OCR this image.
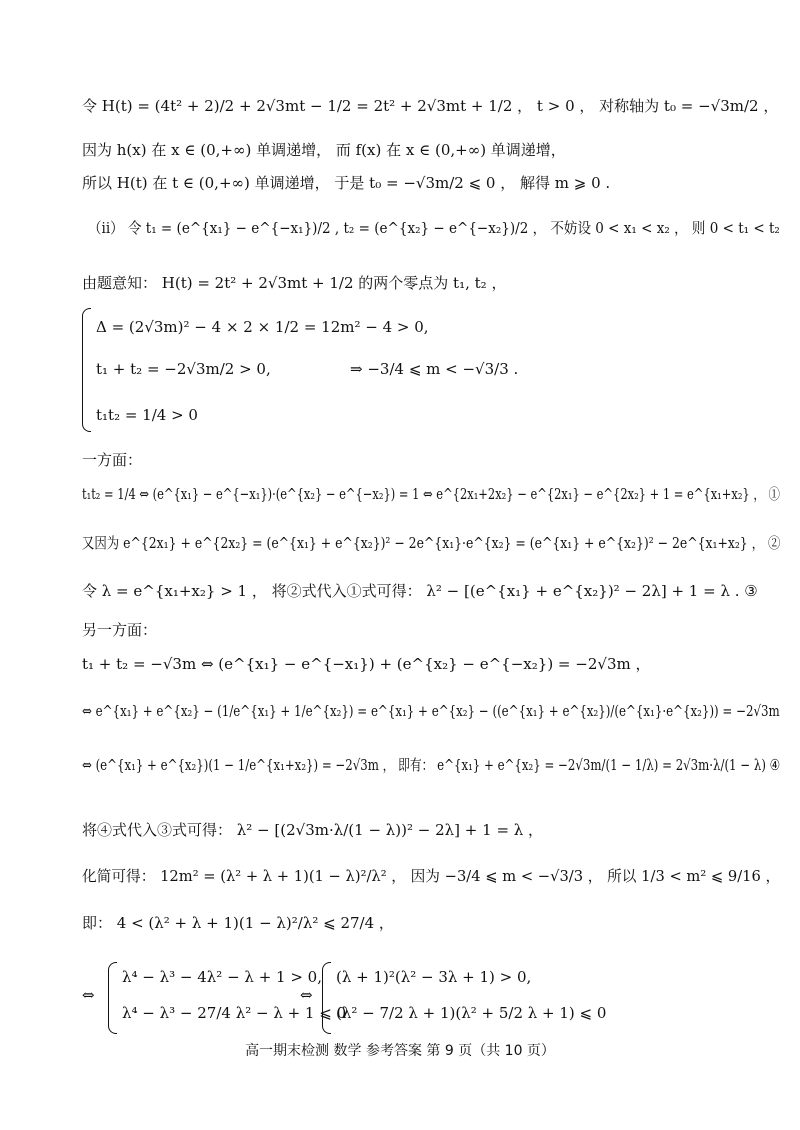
令 H(t) = (4t² + 2)/2 + 2√3mt − 1/2 = 2t² + 2√3mt + 1/2 ， t > 0 ， 对称轴为 t₀ = −√3m/2 ，
因为 h(x) 在 x ∈ (0,+∞) 单调递增， 而 f(x) 在 x ∈ (0,+∞) 单调递增，
所以 H(t) 在 t ∈ (0,+∞) 单调递增， 于是 t₀ = −√3m/2 ⩽ 0 ， 解得 m ⩾ 0 .
（ii） 令 t₁ = (e^{x₁} − e^{−x₁})/2 , t₂ = (e^{x₂} − e^{−x₂})/2 ， 不妨设 0 < x₁ < x₂ ， 则 0 < t₁ < t₂
由题意知： H(t) = 2t² + 2√3mt + 1/2 的两个零点为 t₁, t₂ ，
Δ = (2√3m)² − 4 × 2 × 1/2 = 12m² − 4 > 0,
t₁ + t₂ = −2√3m/2 > 0,
t₁t₂ = 1/4 > 0
⇒ −3/4 ⩽ m < −√3/3 .
一方面：
t₁t₂ = 1/4 ⇔ (e^{x₁} − e^{−x₁})·(e^{x₂} − e^{−x₂}) = 1 ⇔ e^{2x₁+2x₂} − e^{2x₁} − e^{2x₂} + 1 = e^{x₁+x₂} ， ①
又因为 e^{2x₁} + e^{2x₂} = (e^{x₁} + e^{x₂})² − 2e^{x₁}·e^{x₂} = (e^{x₁} + e^{x₂})² − 2e^{x₁+x₂} ， ②
令 λ = e^{x₁+x₂} > 1 ， 将②式代入①式可得： λ² − [(e^{x₁} + e^{x₂})² − 2λ] + 1 = λ . ③
另一方面：
t₁ + t₂ = −√3m ⇔ (e^{x₁} − e^{−x₁}) + (e^{x₂} − e^{−x₂}) = −2√3m ，
⇔ e^{x₁} + e^{x₂} − (1/e^{x₁} + 1/e^{x₂}) = e^{x₁} + e^{x₂} − ((e^{x₁} + e^{x₂})/(e^{x₁}·e^{x₂})) = −2√3m
⇔ (e^{x₁} + e^{x₂})(1 − 1/e^{x₁+x₂}) = −2√3m ， 即有： e^{x₁} + e^{x₂} = −2√3m/(1 − 1/λ) = 2√3m·λ/(1 − λ) ④
将④式代入③式可得： λ² − [(2√3m·λ/(1 − λ))² − 2λ] + 1 = λ ，
化简可得： 12m² = (λ² + λ + 1)(1 − λ)²/λ² ， 因为 −3/4 ⩽ m < −√3/3 ， 所以 1/3 < m² ⩽ 9/16 ，
即： 4 < (λ² + λ + 1)(1 − λ)²/λ² ⩽ 27/4 ，
⇔
λ⁴ − λ³ − 4λ² − λ + 1 > 0,
λ⁴ − λ³ − 27/4 λ² − λ + 1 ⩽ 0
⇔
(λ + 1)²(λ² − 3λ + 1) > 0,
(λ² − 7/2 λ + 1)(λ² + 5/2 λ + 1) ⩽ 0
高一期末检测 数学 参考答案 第 9 页（共 10 页）
